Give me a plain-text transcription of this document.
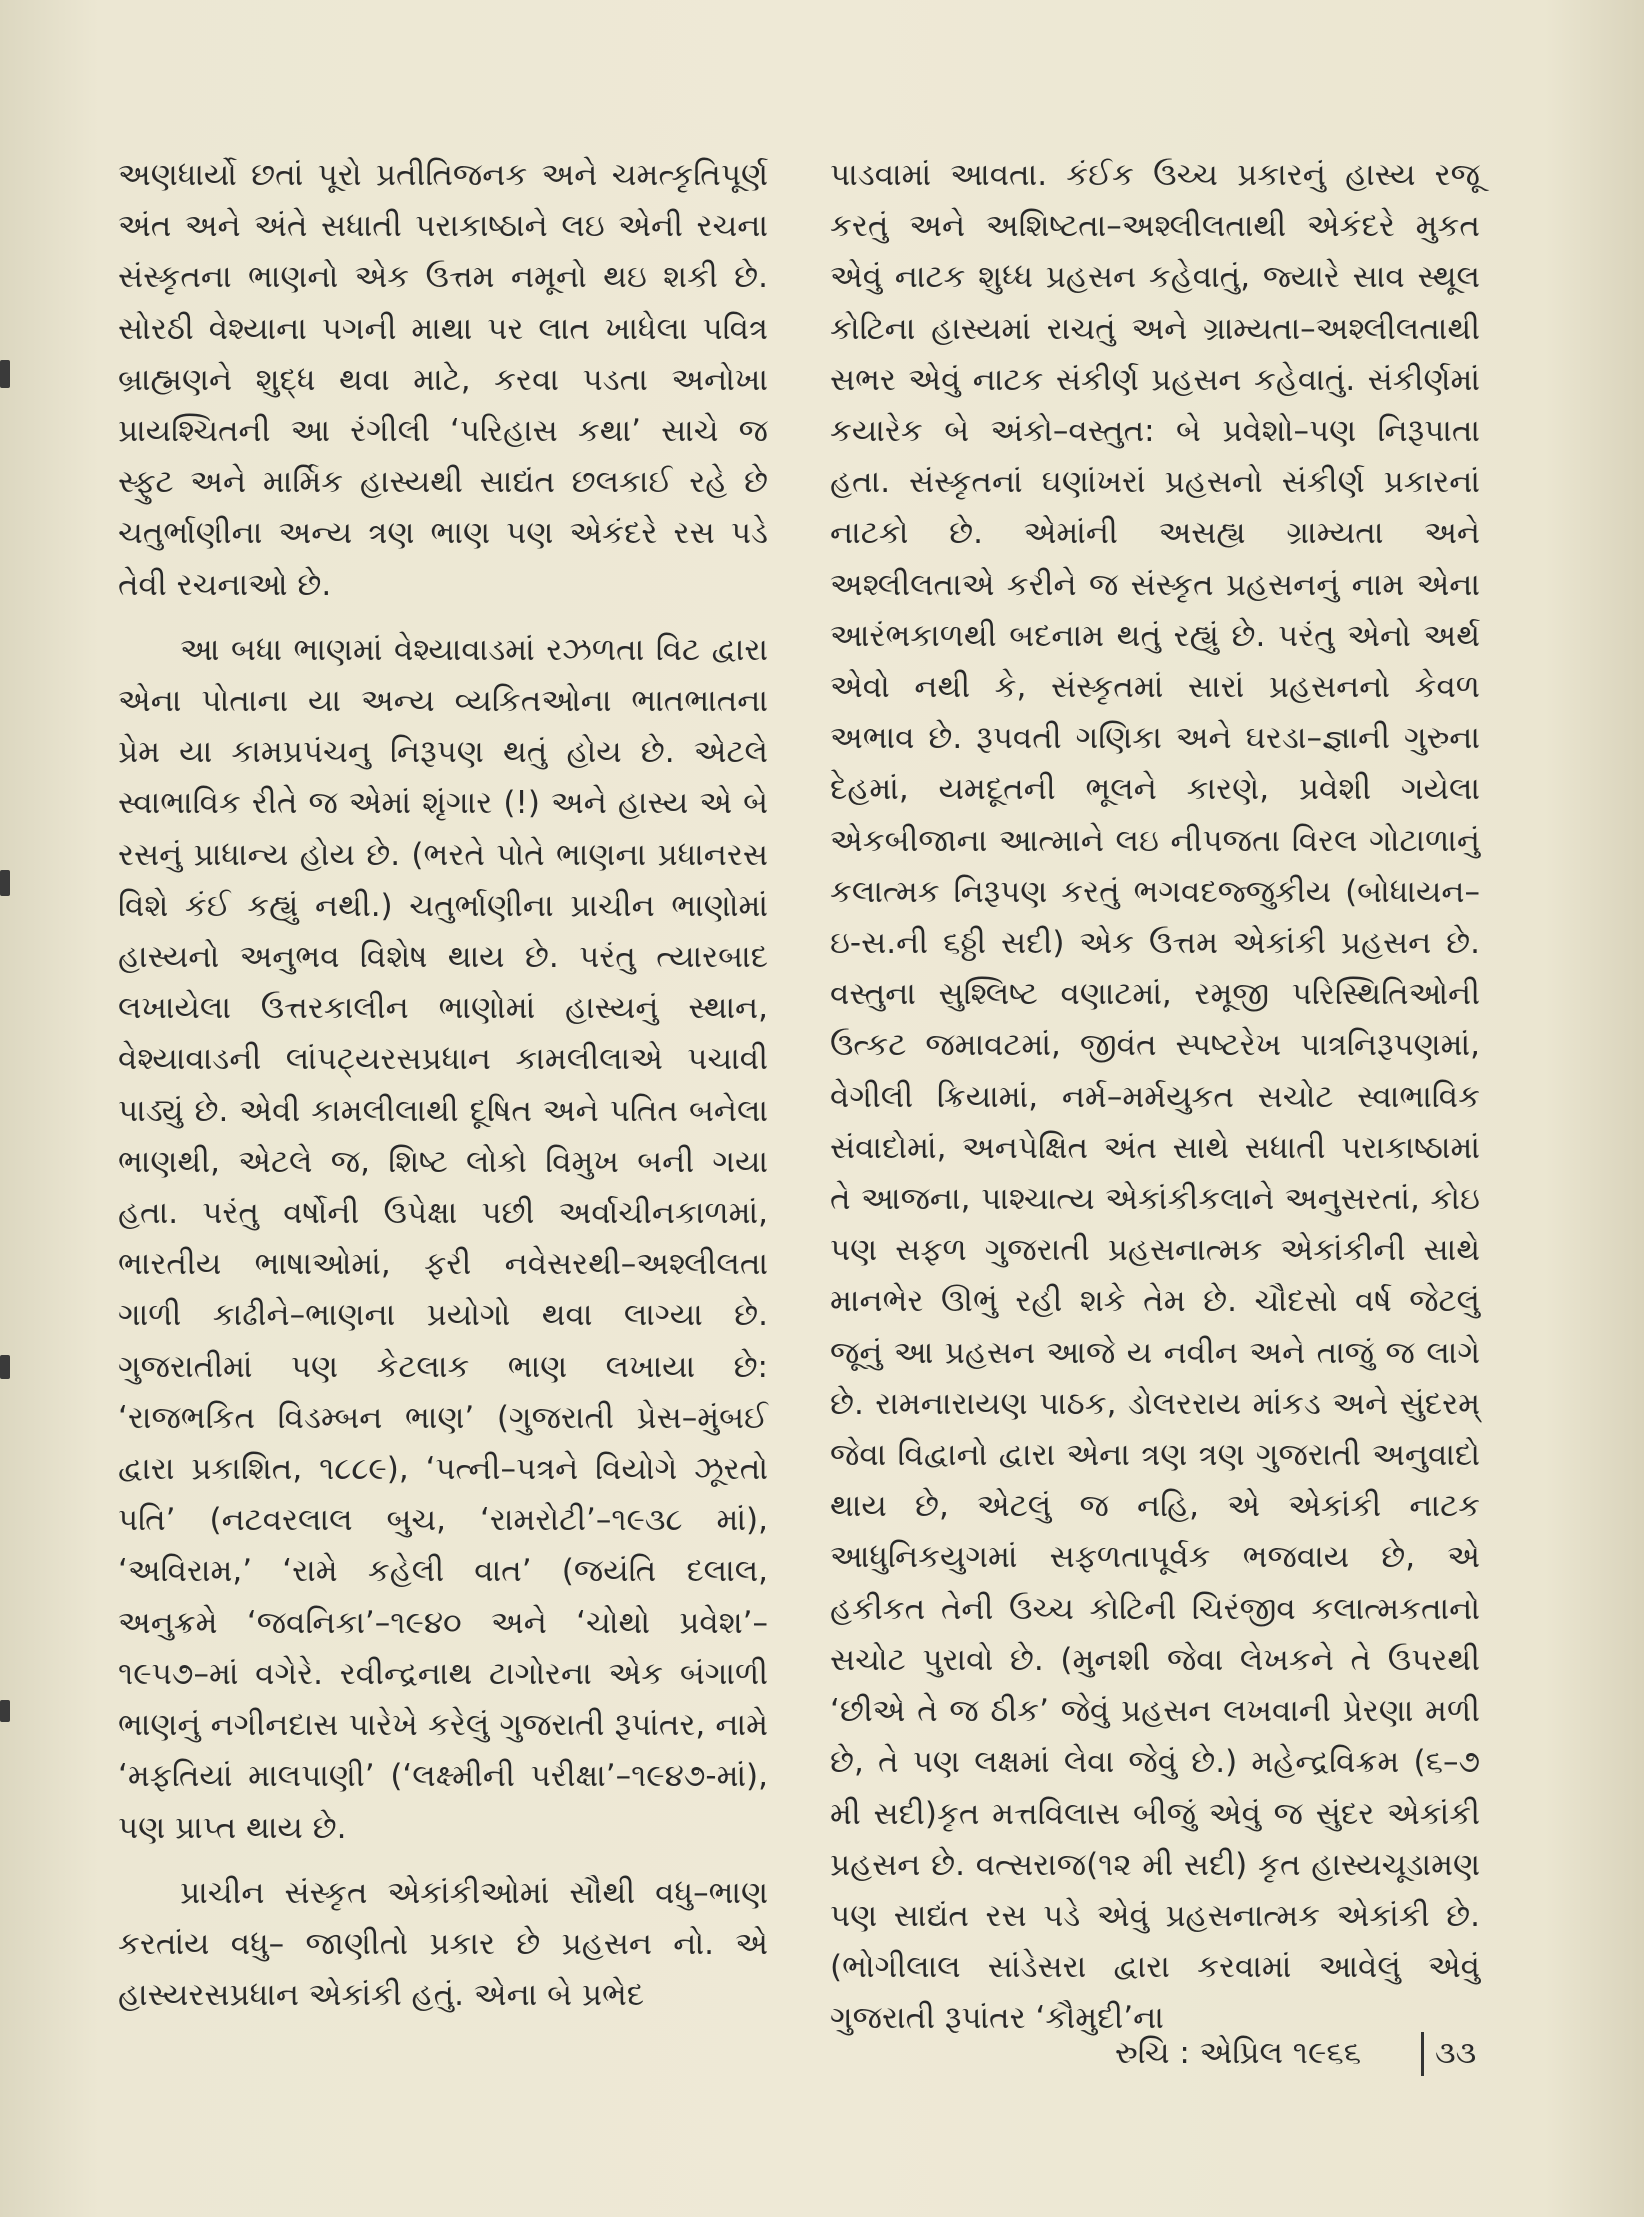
અણધાર્યો છતાં પૂરો પ્રતીતિજનક અને ચમત્કૃતિપૂર્ણ અંત અને અંતે સધાતી પરાકાષ્ઠાને લઇ એની રચના સંસ્કૃતના ભાણનો એક ઉત્તમ નમૂનો થઇ શકી છે. સોરઠી વેશ્યાના પગની માથા પર લાત ખાધેલા પવિત્ર બ્રાહ્મણને શુદ્ધ થવા માટે, કરવા પડતા અનોખા પ્રાયશ્ચિતની આ રંગીલી ‘પરિહાસ કથા’ સાચે જ સ્ફુટ અને માર્મિક હાસ્યથી સાદ્યંત છલકાઈ રહે છે ચતુર્ભાણીના અન્ય ત્રણ ભાણ પણ એકંદરે રસ પડે તેવી રચનાઓ છે.

આ બધા ભાણમાં વેશ્યાવાડમાં રઝળતા વિટ દ્વારા એના પોતાના યા અન્ય વ્યકિતઓના ભાતભાતના પ્રેમ યા કામપ્રપંચનુ નિરૂપણ થતું હોય છે. એટલે સ્વાભાવિક રીતે જ એમાં શૃંગાર (!) અને હાસ્ય એ બે રસનું પ્રાધાન્ય હોય છે. (ભરતે પોતે ભાણના પ્રધાનરસ વિશે કંઈ કહ્યું નથી.) ચતુર્ભાણીના પ્રાચીન ભાણોમાં હાસ્યનો અનુભવ વિશેષ થાય છે. પરંતુ ત્યારબાદ લખાયેલા ઉત્તરકાલીન ભાણોમાં હાસ્યનું સ્થાન, વેશ્યાવાડની લાંપટ્યરસપ્રધાન કામલીલાએ પચાવી પાડ્યું છે. એવી કામલીલાથી દૂષિત અને પતિત બનેલા ભાણથી, એટલે જ, શિષ્ટ લોકો વિમુખ બની ગયા હતા. પરંતુ વર્ષોની ઉપેક્ષા પછી અર્વાચીનકાળમાં, ભારતીય ભાષાઓમાં, ફરી નવેસરથી–અશ્લીલતા ગાળી કાઢીને–ભાણના પ્રયોગો થવા લાગ્યા છે. ગુજરાતીમાં પણ કેટલાક ભાણ લખાયા છે: ‘રાજભકિત વિડમ્બન ભાણ’ (ગુજરાતી પ્રેસ–મુંબઈ દ્વારા પ્રકાશિત, ૧૮૮૯), ‘પત્ની–પત્રને વિયોગે ઝૂરતો પતિ’ (નટવરલાલ બુચ, ‘રામરોટી’–૧૯૩૮ માં), ‘અવિરામ,’ ‘રામે કહેલી વાત’ (જયંતિ દલાલ, અનુક્રમે ‘જવનિકા’–૧૯૪૦ અને ‘ચોથો પ્રવેશ’–૧૯૫૭–માં વગેરે. રવીન્દ્રનાથ ટાગોરના એક બંગાળી ભાણનું નગીનદાસ પારેખે કરેલું ગુજરાતી રૂપાંતર, નામે ‘મફતિયાં માલપાણી’ (‘લક્ષ્મીની પરીક્ષા’–૧૯૪૭-માં), પણ પ્રાપ્ત થાય છે.

પ્રાચીન સંસ્કૃત એકાંકીઓમાં સૌથી વધુ–ભાણ કરતાંય વધુ– જાણીતો પ્રકાર છે પ્રહસન નો. એ હાસ્યરસપ્રધાન એકાંકી હતું. એના બે પ્રભેદ

પાડવામાં આવતા. કંઈક ઉચ્ચ પ્રકારનું હાસ્ય રજૂ કરતું અને અશિષ્ટતા–અશ્લીલતાથી એકંદરે મુકત એવું નાટક શુધ્ધ પ્રહસન કહેવાતું, જ્યારે સાવ સ્થૂલ કોટિના હાસ્યમાં રાચતું અને ગ્રામ્યતા–અશ્લીલતાથી સભર એવું નાટક સંકીર્ણ પ્રહસન કહેવાતું. સંકીર્ણમાં કયારેક બે અંકો–વસ્તુત: બે પ્રવેશો–પણ નિરૂપાતા હતા. સંસ્કૃતનાં ઘણાંખરાં પ્રહસનો સંકીર્ણ પ્રકારનાં નાટકો છે. એમાંની અસહ્ય ગ્રામ્યતા અને અશ્લીલતાએ કરીને જ સંસ્કૃત પ્રહસનનું નામ એના આરંભકાળથી બદનામ થતું રહ્યું છે. પરંતુ એનો અર્થ એવો નથી કે, સંસ્કૃતમાં સારાં પ્રહસનનો કેવળ અભાવ છે. રૂપવતી ગણિકા અને ઘરડા–જ્ઞાની ગુરુના દેહમાં, યમદૂતની ભૂલને કારણે, પ્રવેશી ગયેલા એકબીજાના આત્માને લઇ નીપજતા વિરલ ગોટાળાનું કલાત્મક નિરૂપણ કરતું ભગવદજ્જુકીય (બોધાયન–ઇ-સ.ની ૬ઠ્ઠી સદી) એક ઉત્તમ એકાંકી પ્રહસન છે. વસ્તુના સુશ્લિષ્ટ વણાટમાં, રમૂજી પરિસ્થિતિઓની ઉત્કટ જમાવટમાં, જીવંત સ્પષ્ટરેખ પાત્રનિરૂપણમાં, વેગીલી ક્રિયામાં, નર્મ–મર્મયુકત સચોટ સ્વાભાવિક સંવાદોમાં, અનપેક્ષિત અંત સાથે સધાતી પરાકાષ્ઠામાં તે આજના, પાશ્ચાત્ય એકાંકીકલાને અનુસરતાં, કોઇ પણ સફળ ગુજરાતી પ્રહસનાત્મક એકાંકીની સાથે માનભેર ઊભું રહી શકે તેમ છે. ચૌદસો વર્ષ જેટલું જૂનું આ પ્રહસન આજે ય નવીન અને તાજું જ લાગે છે. રામનારાયણ પાઠક, ડોલરરાય માંકડ અને સુંદરમ્ જેવા વિદ્વાનો દ્વારા એના ત્રણ ત્રણ ગુજરાતી અનુવાદો થાય છે, એટલું જ નહિ, એ એકાંકી નાટક આધુનિકયુગમાં સફળતાપૂર્વક ભજવાય છે, એ હકીકત તેની ઉચ્ચ કોટિની ચિરંજીવ કલાત્મકતાનો સચોટ પુરાવો છે. (મુનશી જેવા લેખકને તે ઉપરથી ‘છીએ તે જ ઠીક’ જેવું પ્રહસન લખવાની પ્રેરણા મળી છે, તે પણ લક્ષમાં લેવા જેવું છે.) મહેન્દ્રવિક્રમ (૬–૭ મી સદી)કૃત મત્તવિલાસ બીજું એવું જ સુંદર એકાંકી પ્રહસન છે. વત્સરાજ(૧૨ મી સદી) કૃત હાસ્યચૂડામણ પણ સાદ્યંત રસ પડે એવું પ્રહસનાત્મક એકાંકી છે. (ભોગીલાલ સાંડેસરા દ્વારા કરવામાં આવેલું એવું ગુજરાતી રૂપાંતર ‘કૌમુદી’ના

રુચિ : એપ્રિલ ૧૯૬૬ ૩૩
